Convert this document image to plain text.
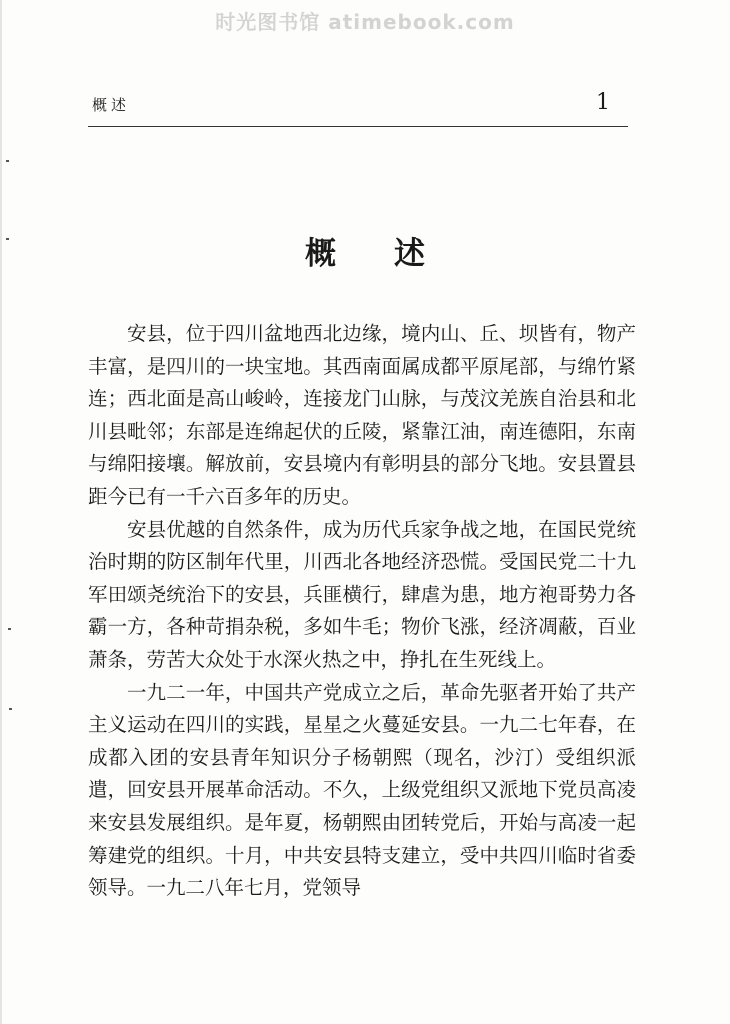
时光图书馆 atimebook.com
概述	1
概述

安县，位于四川盆地西北边缘，境内山、丘、坝皆有，物产丰富，是四川的一块宝地。其西南面属成都平原尾部，与绵竹紧连；西北面是高山峻岭，连接龙门山脉，与茂汶羌族自治县和北川县毗邻；东部是连绵起伏的丘陵，紧靠江油，南连德阳，东南与绵阳接壤。解放前，安县境内有彰明县的部分飞地。安县置县距今已有一千六百多年的历史。

安县优越的自然条件，成为历代兵家争战之地，在国民党统治时期的防区制年代里，川西北各地经济恐慌。受国民党二十九军田颂尧统治下的安县，兵匪横行，肆虐为患，地方袍哥势力各霸一方，各种苛捐杂税，多如牛毛；物价飞涨，经济凋蔽，百业萧条，劳苦大众处于水深火热之中，挣扎在生死线上。

一九二一年，中国共产党成立之后，革命先驱者开始了共产主义运动在四川的实践，星星之火蔓延安县。一九二七年春，在成都入团的安县青年知识分子杨朝熙（现名，沙汀）受组织派遣，回安县开展革命活动。不久，上级党组织又派地下党员高凌来安县发展组织。是年夏，杨朝熙由团转党后，开始与高凌一起筹建党的组织。十月，中共安县特支建立，受中共四川临时省委领导。一九二八年七月，党领导
